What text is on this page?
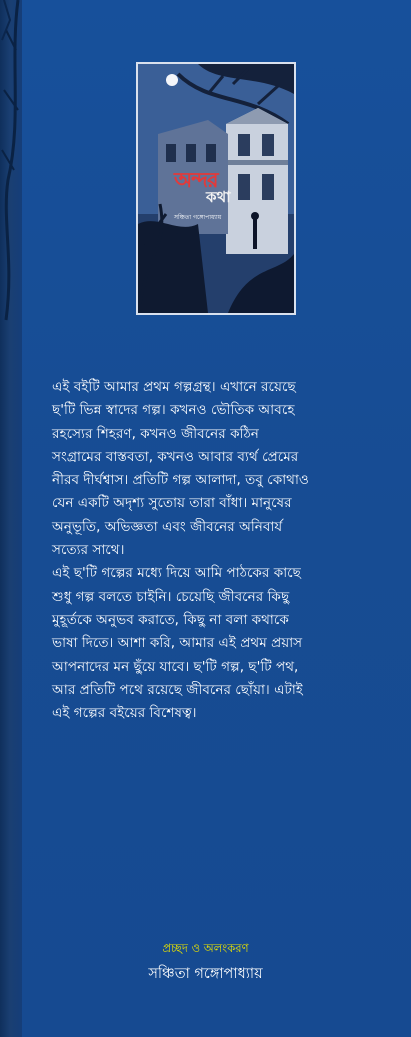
অন্দর
কথা
সঞ্চিতা গঙ্গোপাধ্যায়
এই বইটি আমার প্রথম গল্পগ্রন্থ। এখানে রয়েছে
ছ'টি ভিন্ন স্বাদের গল্প। কখনও ভৌতিক আবহে
রহস্যের শিহরণ, কখনও জীবনের কঠিন
সংগ্রামের বাস্তবতা, কখনও আবার ব্যর্থ প্রেমের
নীরব দীর্ঘশ্বাস। প্রতিটি গল্প আলাদা, তবু কোথাও
যেন একটি অদৃশ্য সুতোয় তারা বাঁধা। মানুষের
অনুভূতি, অভিজ্ঞতা এবং জীবনের অনিবার্য
সত্যের সাথে।
এই ছ'টি গল্পের মধ্যে দিয়ে আমি পাঠকের কাছে
শুধু গল্প বলতে চাইনি। চেয়েছি জীবনের কিছু
মুহূর্তকে অনুভব করাতে, কিছু না বলা কথাকে
ভাষা দিতে। আশা করি, আমার এই প্রথম প্রয়াস
আপনাদের মন ছুঁয়ে যাবে। ছ'টি গল্প, ছ'টি পথ,
আর প্রতিটি পথে রয়েছে জীবনের ছোঁয়া। এটাই
এই গল্পের বইয়ের বিশেষত্ব।
প্রচ্ছদ ও অলংকরণ
সঞ্চিতা গঙ্গোপাধ্যায়
